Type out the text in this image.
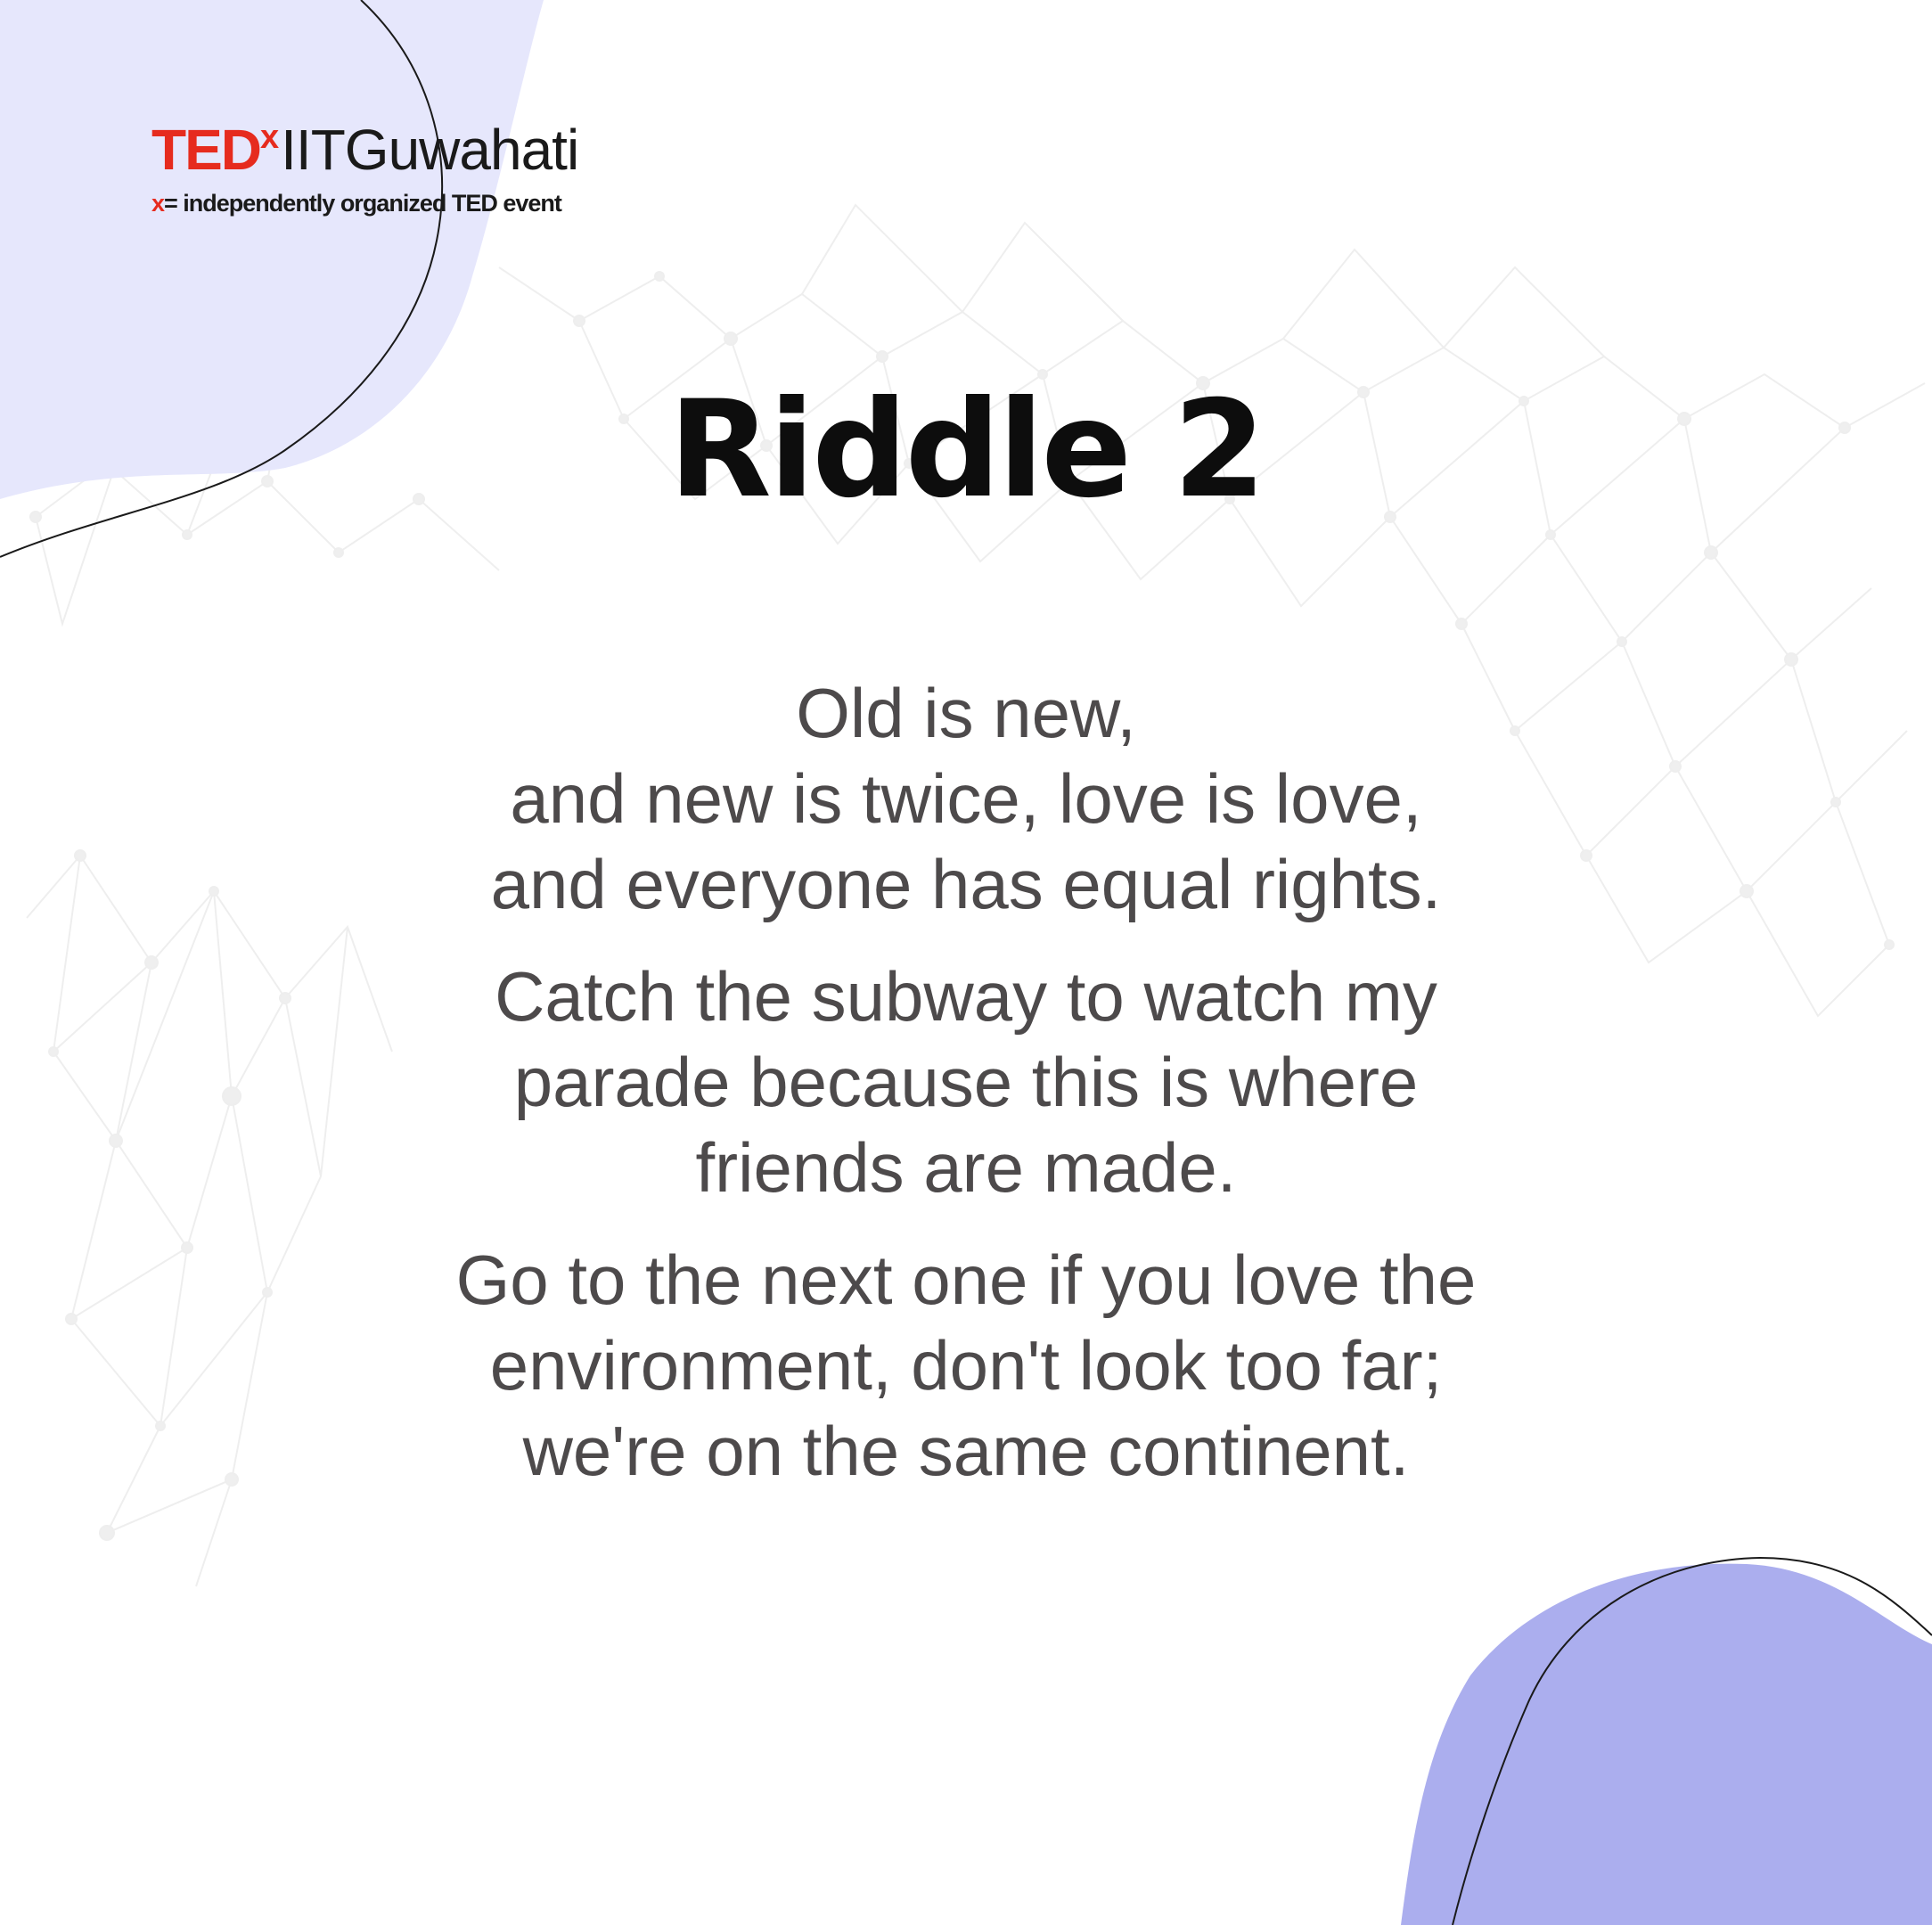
TED$^x$IITGuwahati
x= independently organized TED event
Riddle 2

Old is new,
and new is twice, love is love,
and everyone has equal rights.

Catch the subway to watch my
parade because this is where
friends are made.

Go to the next one if you love the
environment, don't look too far;
we're on the same continent.
